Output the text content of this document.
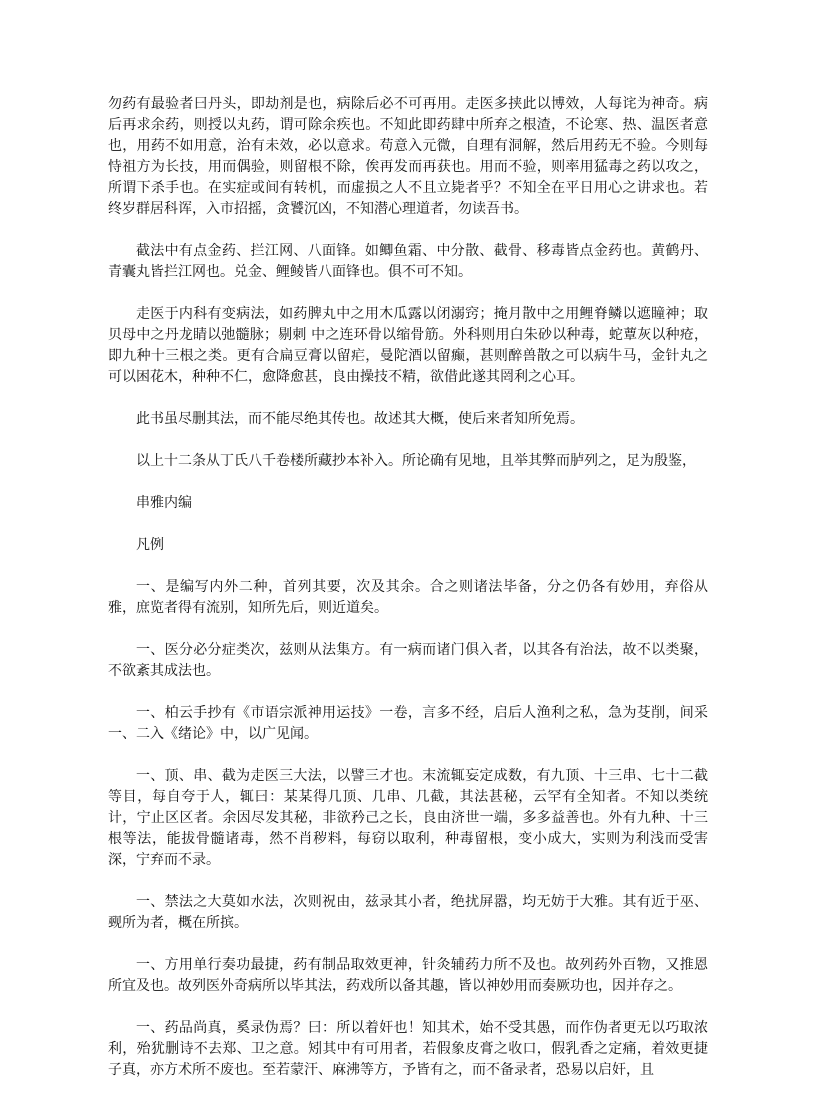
勿药有最验者曰丹头，即劫剂是也，病除后必不可再用。走医多挟此以博效，人每诧为神奇。病后再求余药，则授以丸药，谓可除余疾也。不知此即药肆中所弃之根渣，不论寒、热、温医者意也，用药不如用意，治有未效，必以意求。苟意入元微，自理有洞解，然后用药无不验。今则每恃祖方为长技，用而偶验，则留根不除，俟再发而再获也。用而不验，则率用猛毒之药以攻之，所谓下杀手也。在实症或间有转机，而虚损之人不且立毙者乎？不知全在平日用心之讲求也。若终岁群居科诨，入市招摇，贪饕沉凶，不知潜心理道者，勿读吾书。

截法中有点金药、拦江网、八面锋。如鲫鱼霜、中分散、截骨、移毒皆点金药也。黄鹤丹、青囊丸皆拦江网也。兑金、鲤鲮皆八面锋也。俱不可不知。

走医于内科有变病法，如药脾丸中之用木瓜露以闭溺窍；掩月散中之用鲤脊鳞以遮瞳神；取贝母中之丹龙睛以弛髓脉；剔刺 中之连环骨以缩骨筋。外科则用白朱砂以种毒，蛇蕈灰以种疮，即九种十三根之类。更有合扁豆膏以留疟，曼陀酒以留癫，甚则醉兽散之可以病牛马，金针丸之可以困花木，种种不仁，愈降愈甚，良由操技不精，欲借此遂其罔利之心耳。

此书虽尽删其法，而不能尽绝其传也。故述其大概，使后来者知所免焉。

以上十二条从丁氏八千卷楼所藏抄本补入。所论确有见地，且举其弊而胪列之，足为殷鉴，

串雅内编

凡例

一、是编写内外二种，首列其要，次及其余。合之则诸法毕备，分之仍各有妙用，弃俗从雅，庶览者得有流别，知所先后，则近道矣。

一、医分必分症类次，兹则从法集方。有一病而诸门俱入者，以其各有治法，故不以类聚，不欲紊其成法也。

一、柏云手抄有《市语宗派神用运技》一卷，言多不经，启后人渔利之私，急为芟削，间采一、二入《绪论》中，以广见闻。

一、顶、串、截为走医三大法，以譬三才也。末流辄妄定成数，有九顶、十三串、七十二截等目，每自夸于人，辄曰：某某得几顶、几串、几截，其法甚秘，云罕有全知者。不知以类统计，宁止区区者。余因尽发其秘，非欲矜己之长，良由济世一端，多多益善也。外有九种、十三根等法，能拔骨髓诸毒，然不肖秽料，每窃以取利，种毒留根，变小成大，实则为利浅而受害深，宁弃而不录。

一、禁法之大莫如水法，次则祝由，兹录其小者，绝扰屏嚣，均无妨于大雅。其有近于巫、觋所为者，概在所摈。

一、方用单行奏功最捷，药有制品取效更神，针灸辅药力所不及也。故列药外百物，又推恩所宜及也。故列医外奇病所以毕其法，药戏所以备其趣，皆以神妙用而奏厥功也，因并存之。

一、药品尚真，奚录伪焉？曰：所以着奸也！知其术，始不受其愚，而作伪者更无以巧取浓利，殆犹删诗不去郑、卫之意。矧其中有可用者，若假象皮膏之收口，假乳香之定痛，着效更捷子真，亦方术所不废也。至若蒙汗、麻沸等方，予皆有之，而不备录者，恐易以启奸，且
